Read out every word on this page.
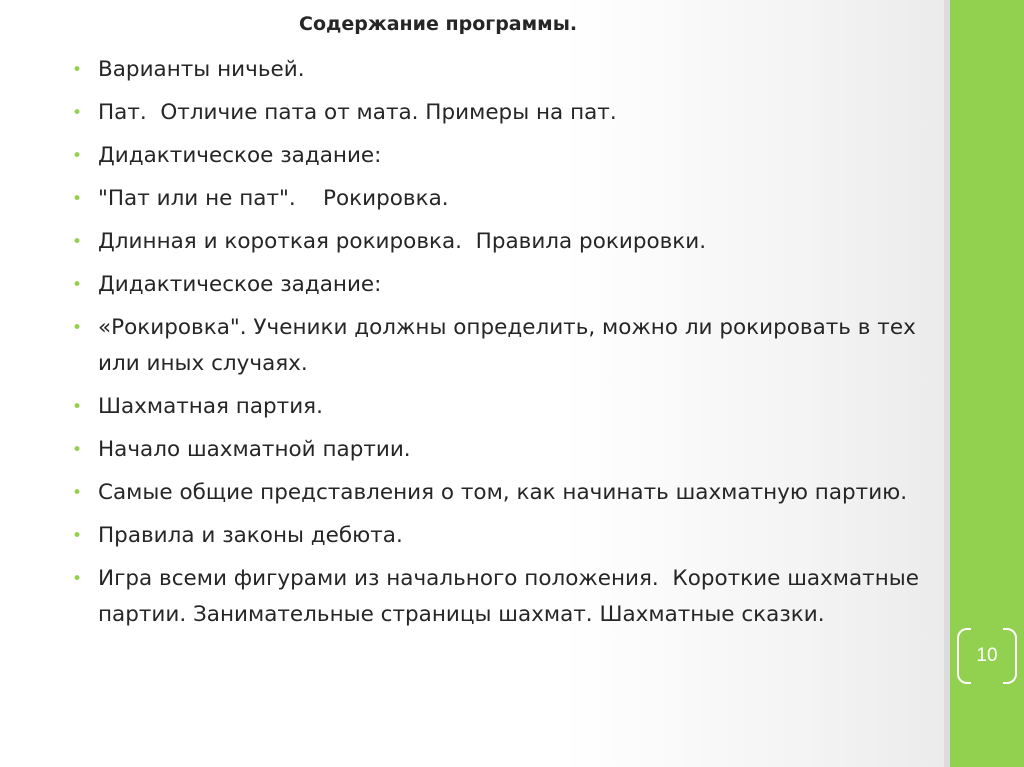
10
Содержание программы.
• Варианты ничьей.
• Пат.  Отличие пата от мата. Примеры на пат.
• Дидактическое задание:
• "Пат или не пат".    Рокировка.
• Длинная и короткая рокировка.  Правила рокировки.
• Дидактическое задание:
• «Рокировка". Ученики должны определить, можно ли рокировать в тех или иных случаях.
• Шахматная партия.
• Начало шахматной партии.
• Самые общие представления о том, как начинать шахматную партию.
• Правила и законы дебюта.
• Игра всеми фигурами из начального положения.  Короткие шахматные партии. Занимательные страницы шахмат. Шахматные сказки.
